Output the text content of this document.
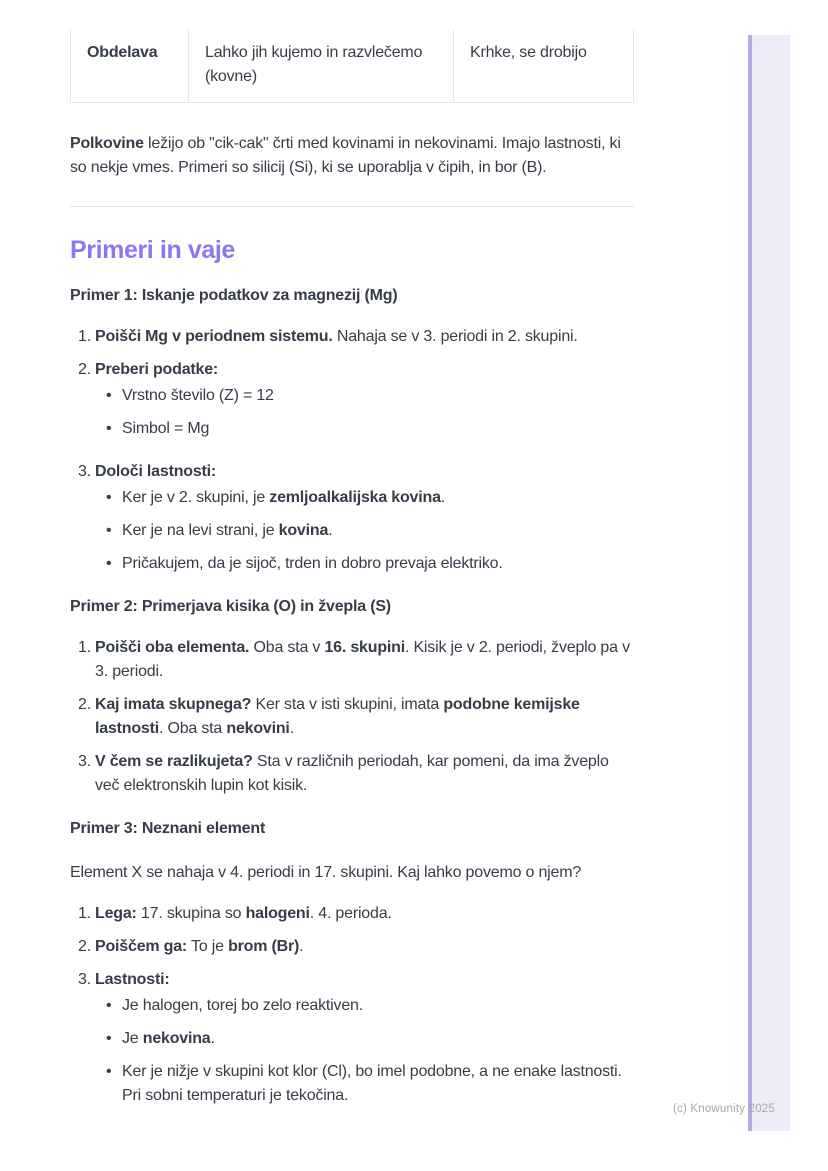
Obdelava	Lahko jih kujemo in razvlečemo (kovne)
Krhke, se drobijo

Polkovine ležijo ob "cik-cak" črti med kovinami in nekovinami. Imajo lastnosti, ki so nekje vmes. Primeri so silicij (Si), ki se uporablja v čipih, in bor (B).

Primeri in vaje
Primer 1: Iskanje podatkov za magnezij (Mg)
Poišči Mg v periodnem sistemu. Nahaja se v 3. periodi in 2. skupini.
Preberi podatke:
• Vrstno število (Z) = 12
• Simbol = Mg
Določi lastnosti:
• Ker je v 2. skupini, je zemljoalkalijska kovina.
• Ker je na levi strani, je kovina.
• Pričakujem, da je sijoč, trden in dobro prevaja elektriko.
Primer 2: Primerjava kisika (O) in žvepla (S)
Poišči oba elementa. Oba sta v 16. skupini. Kisik je v 2. periodi, žveplo pa v 3. periodi.
Kaj imata skupnega? Ker sta v isti skupini, imata podobne kemijske lastnosti. Oba sta nekovini.
V čem se razlikujeta? Sta v različnih periodah, kar pomeni, da ima žveplo več elektronskih lupin kot kisik.
Primer 3: Neznani element

Element X se nahaja v 4. periodi in 17. skupini. Kaj lahko povemo o njem?

Lega: 17. skupina so halogeni. 4. perioda.
Poiščem ga: To je brom (Br).
Lastnosti:
• Je halogen, torej bo zelo reaktiven.
• Je nekovina.
• Ker je nižje v skupini kot klor (Cl), bo imel podobne, a ne enake lastnosti. Pri sobni temperaturi je tekočina.
(c) Knowunity 2025
